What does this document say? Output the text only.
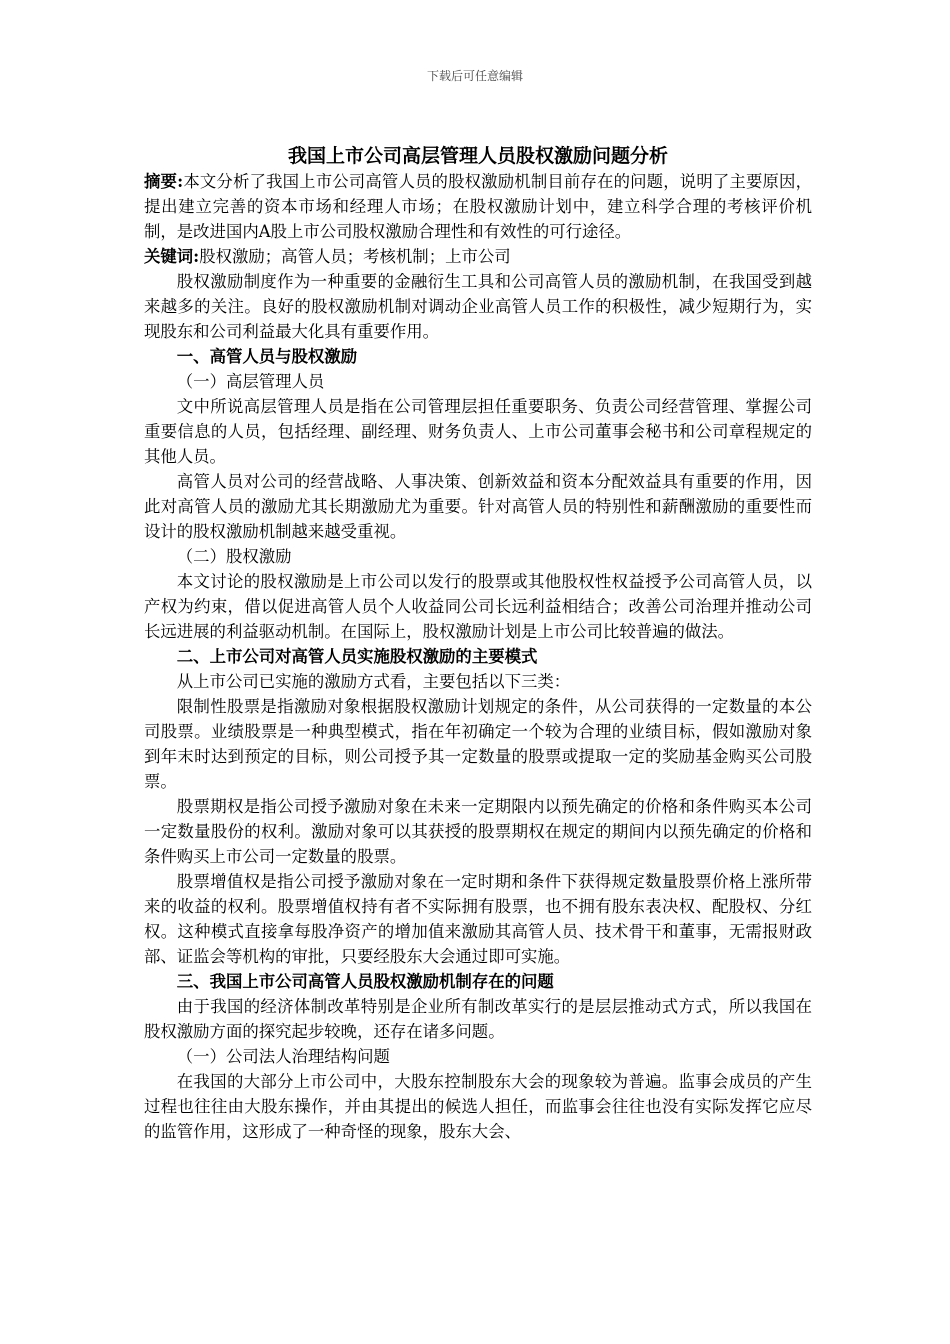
下载后可任意编辑
我国上市公司高层管理人员股权激励问题分析

摘要:本文分析了我国上市公司高管人员的股权激励机制目前存在的问题，说明了主要原因，提出建立完善的资本市场和经理人市场；在股权激励计划中，建立科学合理的考核评价机制，是改进国内A股上市公司股权激励合理性和有效性的可行途径。

关键词:股权激励；高管人员；考核机制；上市公司

股权激励制度作为一种重要的金融衍生工具和公司高管人员的激励机制，在我国受到越来越多的关注。良好的股权激励机制对调动企业高管人员工作的积极性，减少短期行为，实现股东和公司利益最大化具有重要作用。

一、高管人员与股权激励

（一）高层管理人员

文中所说高层管理人员是指在公司管理层担任重要职务、负责公司经营管理、掌握公司重要信息的人员，包括经理、副经理、财务负责人、上市公司董事会秘书和公司章程规定的其他人员。

高管人员对公司的经营战略、人事决策、创新效益和资本分配效益具有重要的作用，因此对高管人员的激励尤其长期激励尤为重要。针对高管人员的特别性和薪酬激励的重要性而设计的股权激励机制越来越受重视。

（二）股权激励

本文讨论的股权激励是上市公司以发行的股票或其他股权性权益授予公司高管人员，以产权为约束，借以促进高管人员个人收益同公司长远利益相结合；改善公司治理并推动公司长远进展的利益驱动机制。在国际上，股权激励计划是上市公司比较普遍的做法。

二、上市公司对高管人员实施股权激励的主要模式

从上市公司已实施的激励方式看，主要包括以下三类：

限制性股票是指激励对象根据股权激励计划规定的条件，从公司获得的一定数量的本公司股票。业绩股票是一种典型模式，指在年初确定一个较为合理的业绩目标，假如激励对象到年末时达到预定的目标，则公司授予其一定数量的股票或提取一定的奖励基金购买公司股票。

股票期权是指公司授予激励对象在未来一定期限内以预先确定的价格和条件购买本公司一定数量股份的权利。激励对象可以其获授的股票期权在规定的期间内以预先确定的价格和条件购买上市公司一定数量的股票。

股票增值权是指公司授予激励对象在一定时期和条件下获得规定数量股票价格上涨所带来的收益的权利。股票增值权持有者不实际拥有股票，也不拥有股东表决权、配股权、分红权。这种模式直接拿每股净资产的增加值来激励其高管人员、技术骨干和董事，无需报财政部、证监会等机构的审批，只要经股东大会通过即可实施。

三、我国上市公司高管人员股权激励机制存在的问题

由于我国的经济体制改革特别是企业所有制改革实行的是层层推动式方式，所以我国在股权激励方面的探究起步较晚，还存在诸多问题。

（一）公司法人治理结构问题

在我国的大部分上市公司中，大股东控制股东大会的现象较为普遍。监事会成员的产生过程也往往由大股东操作，并由其提出的候选人担任，而监事会往往也没有实际发挥它应尽的监管作用，这形成了一种奇怪的现象，股东大会、
